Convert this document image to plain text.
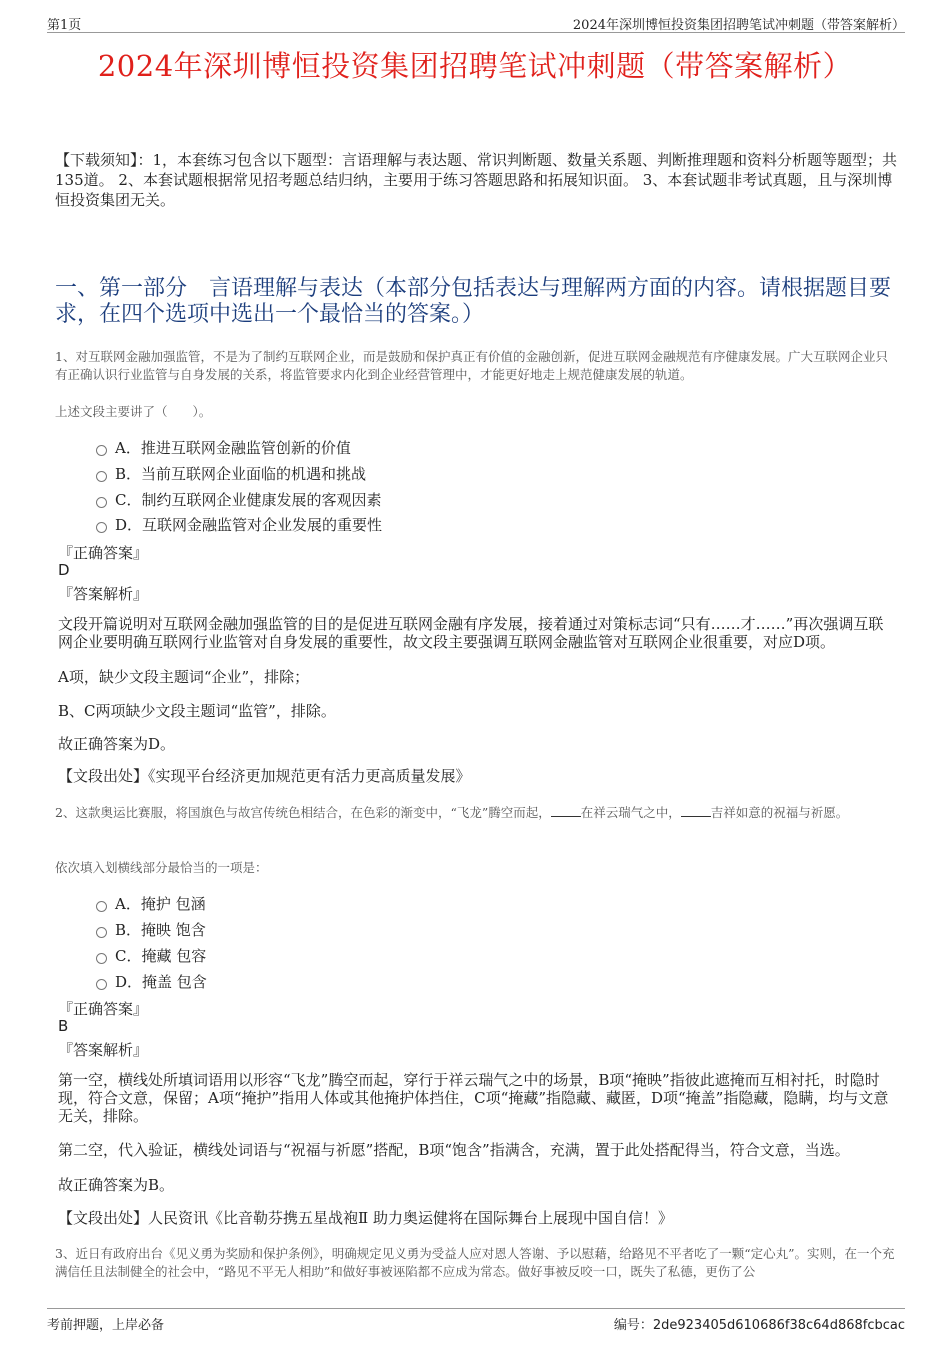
第1页	2024年深圳博恒投资集团招聘笔试冲刺题（带答案解析）
2024年深圳博恒投资集团招聘笔试冲刺题（带答案解析）
【下载须知】：1，本套练习包含以下题型：言语理解与表达题、常识判断题、数量关系题、判断推理题和资料分析题等题型；共135道。 2、本套试题根据常见招考题总结归纳，主要用于练习答题思路和拓展知识面。 3、本套试题非考试真题，且与深圳博恒投资集团无关。
一、第一部分　言语理解与表达（本部分包括表达与理解两方面的内容。请根据题目要求，在四个选项中选出一个最恰当的答案。）
1、对互联网金融加强监管，不是为了制约互联网企业，而是鼓励和保护真正有价值的金融创新，促进互联网金融规范有序健康发展。广大互联网企业只有正确认识行业监管与自身发展的关系，将监管要求内化到企业经营管理中，才能更好地走上规范健康发展的轨道。
上述文段主要讲了（　　）。
A．推进互联网金融监管创新的价值
B．当前互联网企业面临的机遇和挑战
C．制约互联网企业健康发展的客观因素
D．互联网金融监管对企业发展的重要性
『正确答案』
D
『答案解析』
文段开篇说明对互联网金融加强监管的目的是促进互联网金融有序发展，接着通过对策标志词“只有……才……”再次强调互联网企业要明确互联网行业监管对自身发展的重要性，故文段主要强调互联网金融监管对互联网企业很重要，对应D项。
A项，缺少文段主题词“企业”，排除；
B、C两项缺少文段主题词“监管”，排除。
故正确答案为D。
【文段出处】《实现平台经济更加规范更有活力更高质量发展》
2、这款奥运比赛服，将国旗色与故宫传统色相结合，在色彩的渐变中，“飞龙”腾空而起， 在祥云瑞气之中， 吉祥如意的祝福与祈愿。
依次填入划横线部分最恰当的一项是：
A．掩护 包涵
B．掩映 饱含
C．掩藏 包容
D．掩盖 包含
『正确答案』
B
『答案解析』
第一空，横线处所填词语用以形容“飞龙”腾空而起，穿行于祥云瑞气之中的场景，B项“掩映”指彼此遮掩而互相衬托，时隐时现，符合文意，保留；A项“掩护”指用人体或其他掩护体挡住，C项“掩藏”指隐藏、藏匿，D项“掩盖”指隐藏，隐瞒，均与文意无关，排除。
第二空，代入验证，横线处词语与“祝福与祈愿”搭配，B项“饱含”指满含，充满，置于此处搭配得当，符合文意，当选。
故正确答案为B。
【文段出处】人民资讯《比音勒芬携五星战袍Ⅱ 助力奥运健将在国际舞台上展现中国自信！》
3、近日有政府出台《见义勇为奖励和保护条例》，明确规定见义勇为受益人应对恩人答谢、予以慰藉，给路见不平者吃了一颗“定心丸”。实则，在一个充满信任且法制健全的社会中，“路见不平无人相助”和做好事被诬陷都不应成为常态。做好事被反咬一口，既失了私德，更伤了公
考前押题，上岸必备	编号：2de923405d610686f38c64d868fcbcac
